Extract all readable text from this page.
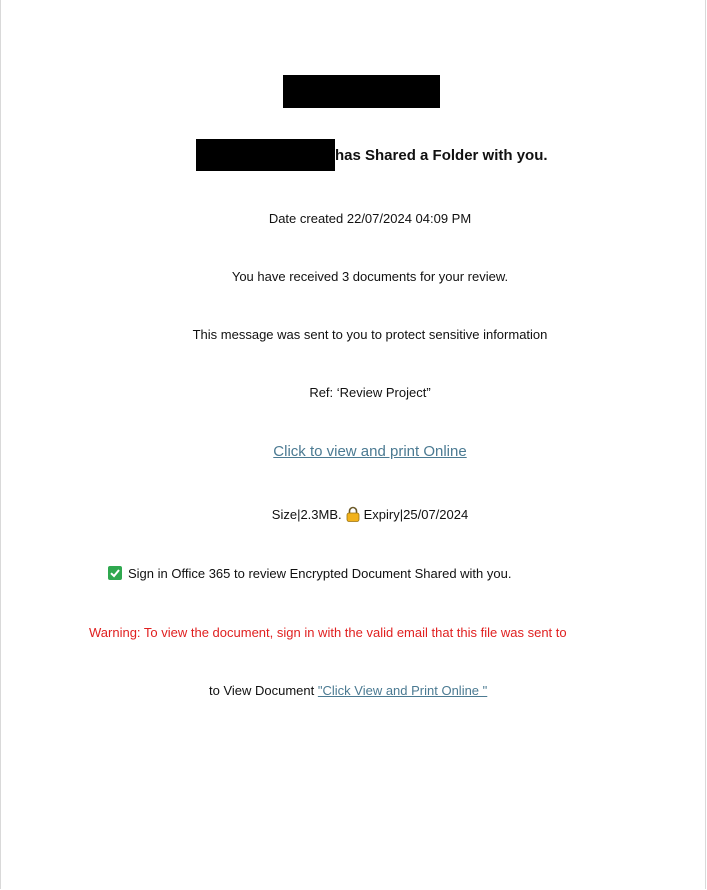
has Shared a Folder with you.
Date created 22/07/2024 04:09 PM
You have received 3 documents for your review.
This message was sent to you to protect sensitive information
Ref: ‘Review Project”
Click to view and print Online
Size|2.3MB. Expiry|25/07/2024
Sign in Office 365 to review Encrypted Document Shared with you.
Warning: To view the document, sign in with the valid email that this file was sent to
to View Document "Click View and Print Online "
